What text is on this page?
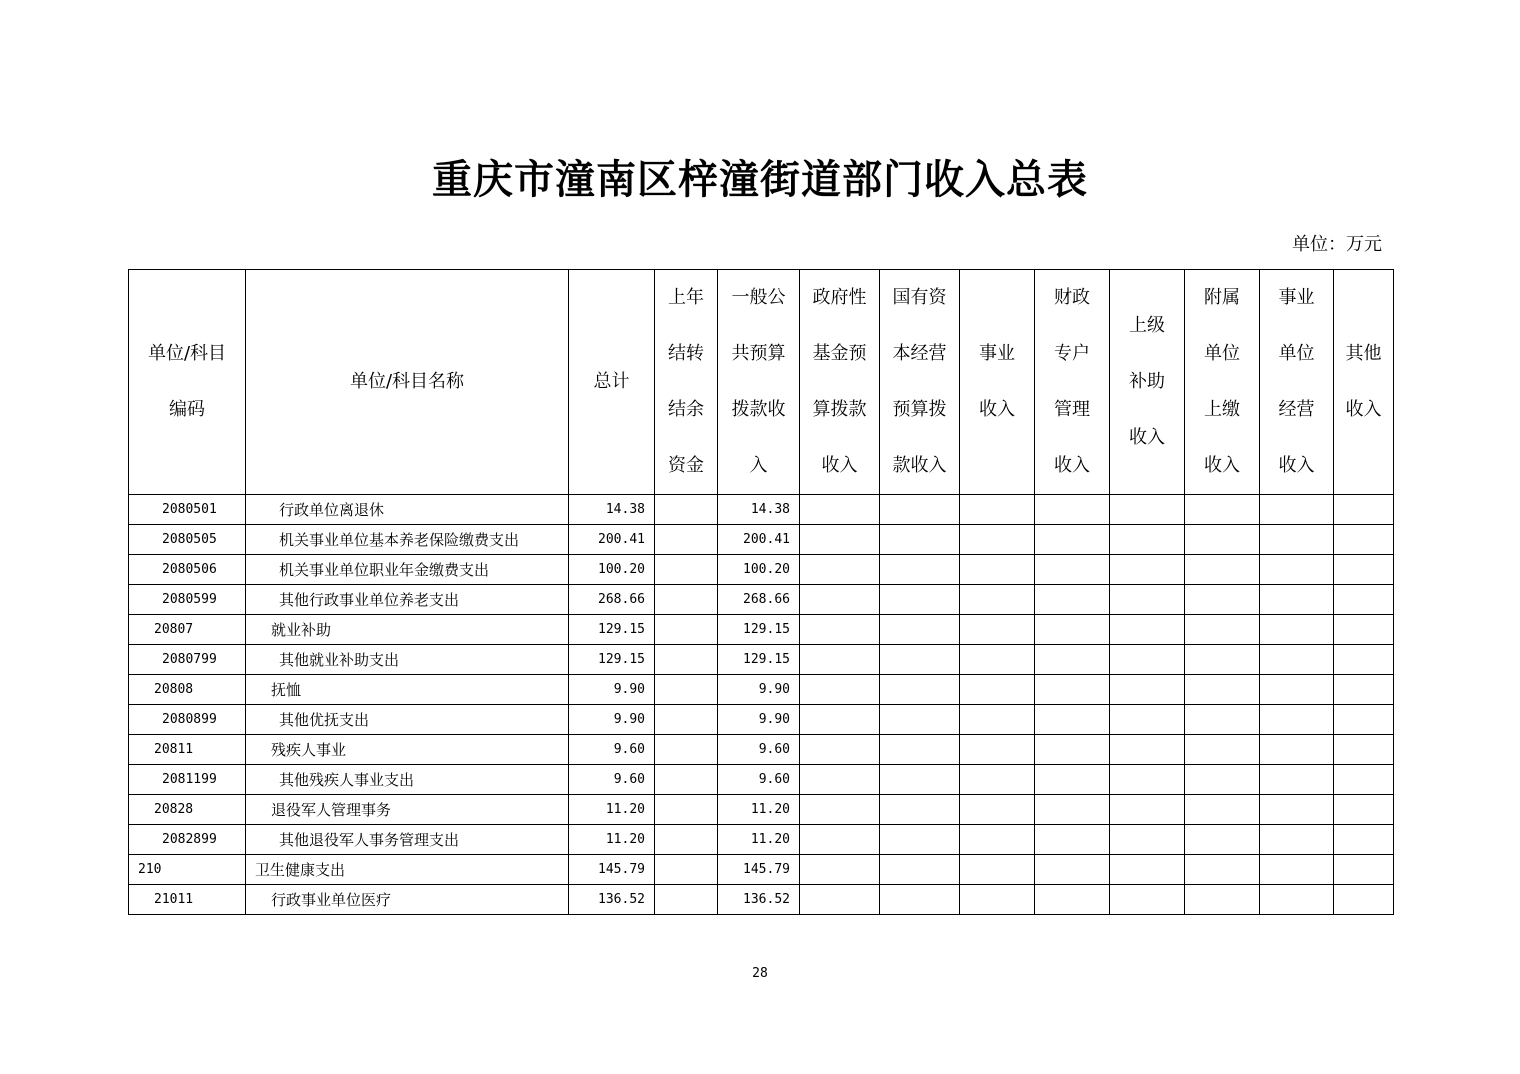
重庆市潼南区梓潼街道部门收入总表
单位：万元
单位/科目
编码	单位/科目名称	总计	上年
结转
结余
资金	一般公
共预算
拨款收
入	政府性
基金预
算拨款
收入	国有资
本经营
预算拨
款收入	事业
收入	财政
专户
管理
收入	上级
补助
收入	附属
单位
上缴
收入	事业
单位
经营
收入	其他
收入
2080501	行政单位离退休	14.38		14.38								
2080505	机关事业单位基本养老保险缴费支出	200.41		200.41								
2080506	机关事业单位职业年金缴费支出	100.20		100.20								
2080599	其他行政事业单位养老支出	268.66		268.66								
20807	就业补助	129.15		129.15								
2080799	其他就业补助支出	129.15		129.15								
20808	抚恤	9.90		9.90								
2080899	其他优抚支出	9.90		9.90								
20811	残疾人事业	9.60		9.60								
2081199	其他残疾人事业支出	9.60		9.60								
20828	退役军人管理事务	11.20		11.20								
2082899	其他退役军人事务管理支出	11.20		11.20								
210	卫生健康支出	145.79		145.79								
21011	行政事业单位医疗	136.52		136.52								
28
